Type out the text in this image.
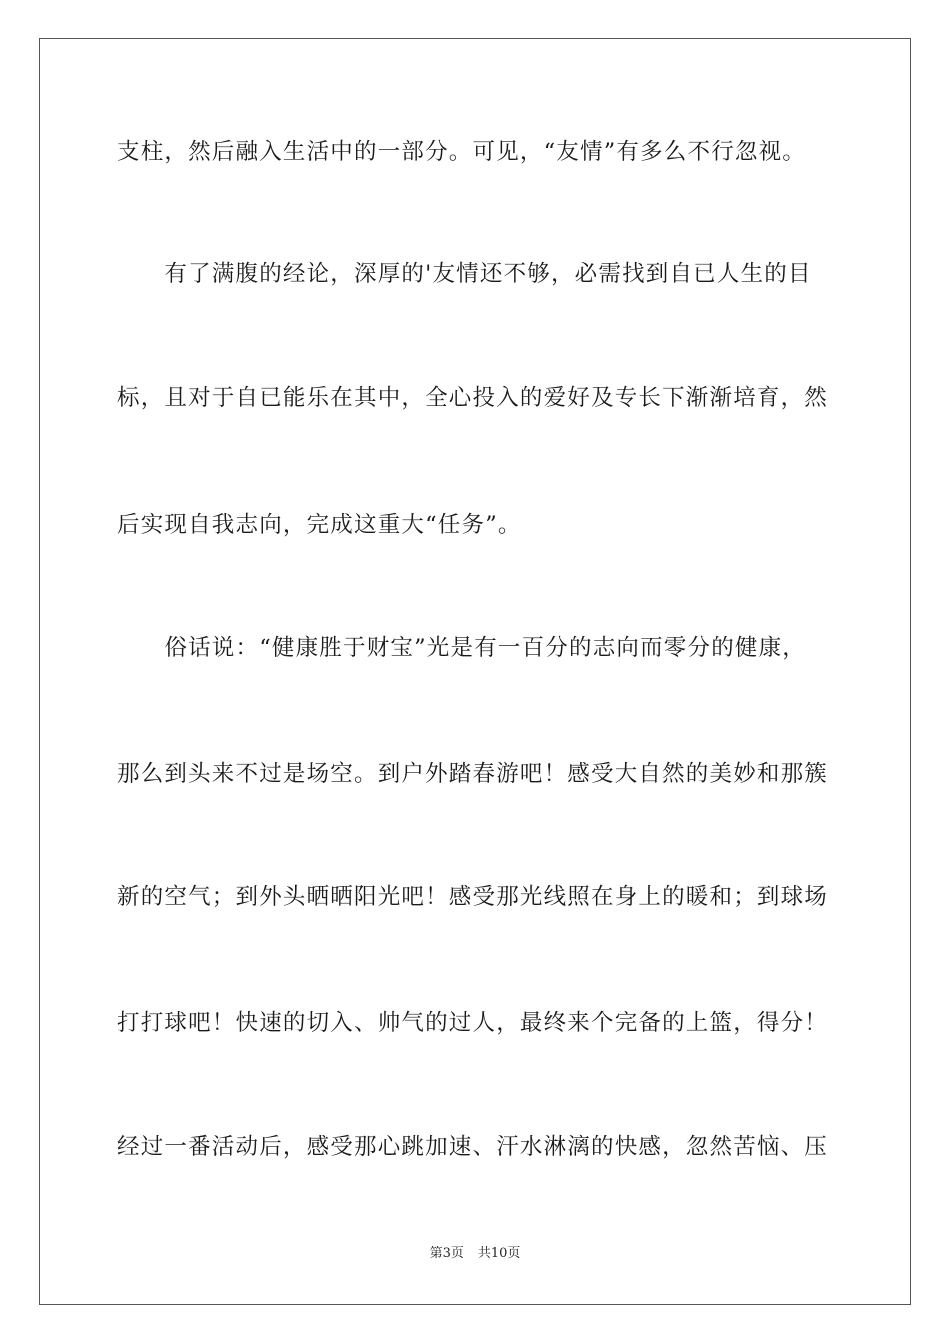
支柱，然后融入生活中的一部分。可见，“友情”有多么不行忽视。
　　有了满腹的经论，深厚的'友情还不够，必需找到自已人生的目
标，且对于自已能乐在其中，全心投入的爱好及专长下渐渐培育，然
后实现自我志向，完成这重大“任务”。
　　俗话说：“健康胜于财宝”光是有一百分的志向而零分的健康，
那么到头来不过是场空。到户外踏春游吧！感受大自然的美妙和那簇
新的空气；到外头晒晒阳光吧！感受那光线照在身上的暖和；到球场
打打球吧！快速的切入、帅气的过人，最终来个完备的上篮，得分！
经过一番活动后，感受那心跳加速、汗水淋漓的快感，忽然苦恼、压
第3页 共10页
